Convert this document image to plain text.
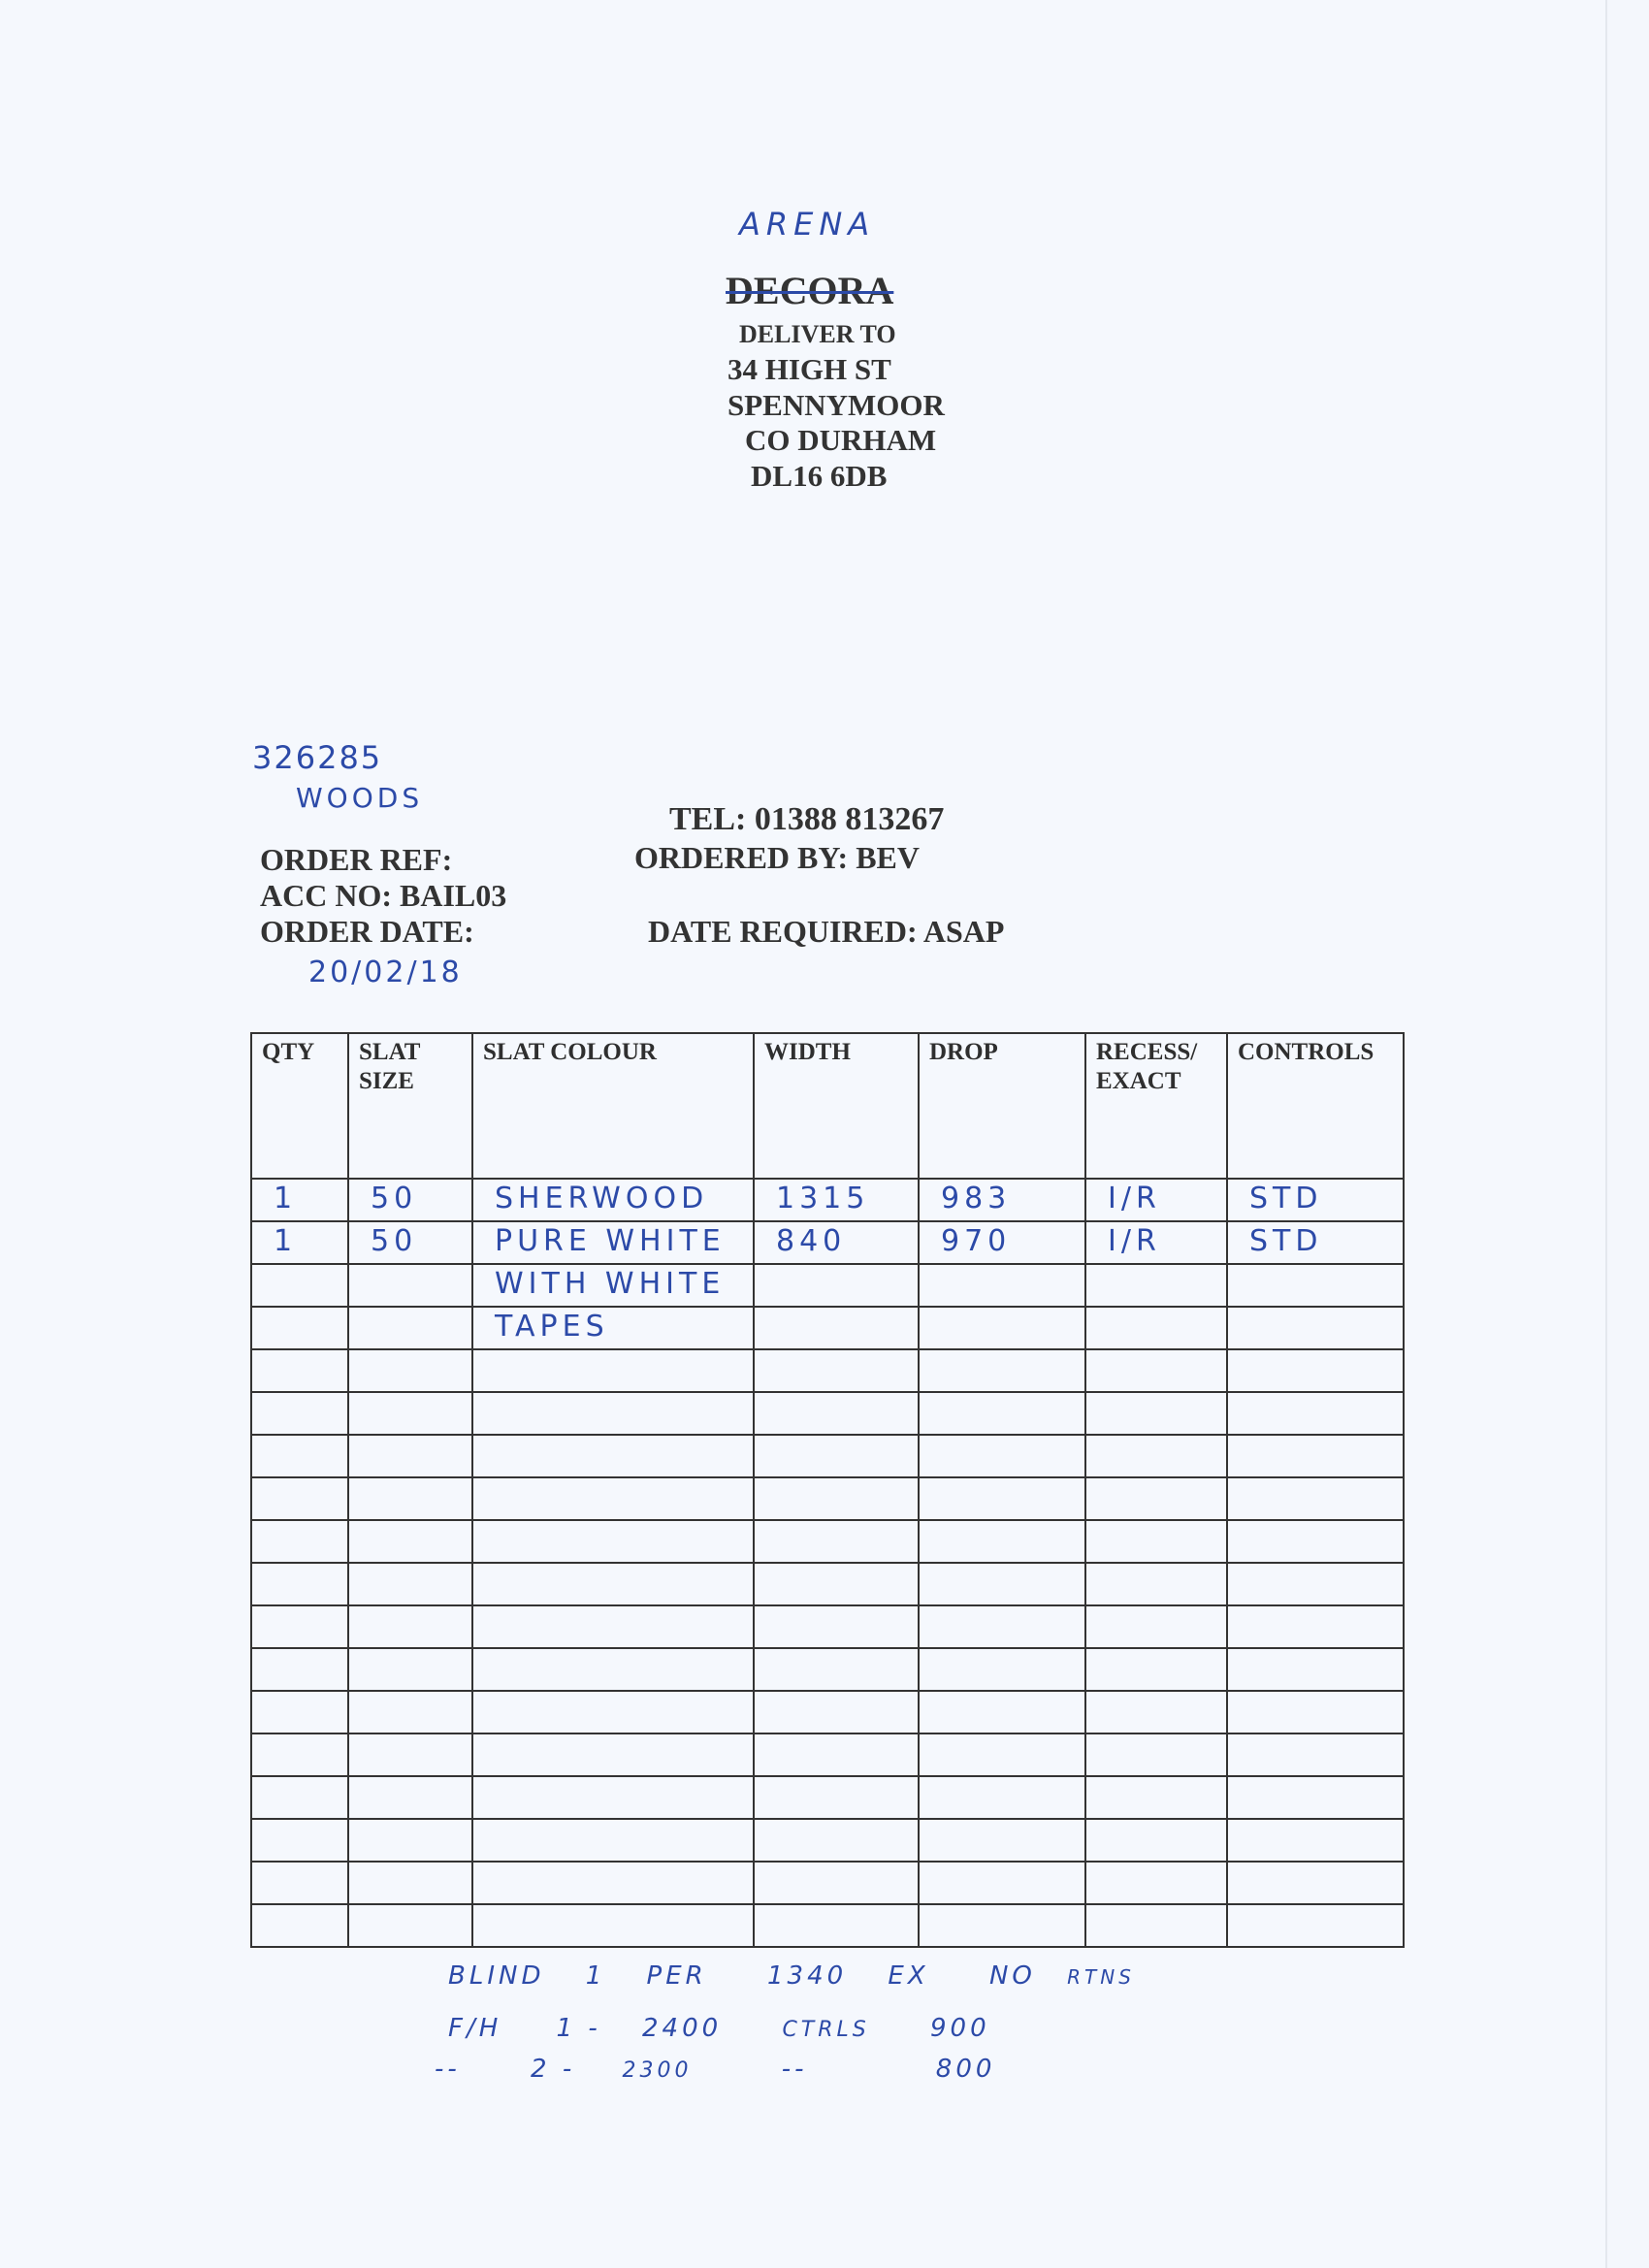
ARENA
DECORA
DELIVER TO
34 HIGH ST
SPENNYMOOR
CO DURHAM
DL16 6DB
326285
WOODS
TEL: 01388 813267
ORDER REF:	ORDERED BY: BEV
ACC NO: BAIL03
ORDER DATE:	DATE REQUIRED: ASAP
20/02/18
QTY	SLAT SIZE	SLAT COLOUR	WIDTH	DROP	RECESS/ EXACT	CONTROLS
1	50	SHERWOOD	1315	983	I/R	STD
1	50	PURE WHITE	840	970	I/R	STD
		WITH WHITE				
		TAPES				

BLIND 1 PER 1340 EX NO RTNS
F/H 1 - 2400	CTRLS 900
--	2 - 2300	--	800
